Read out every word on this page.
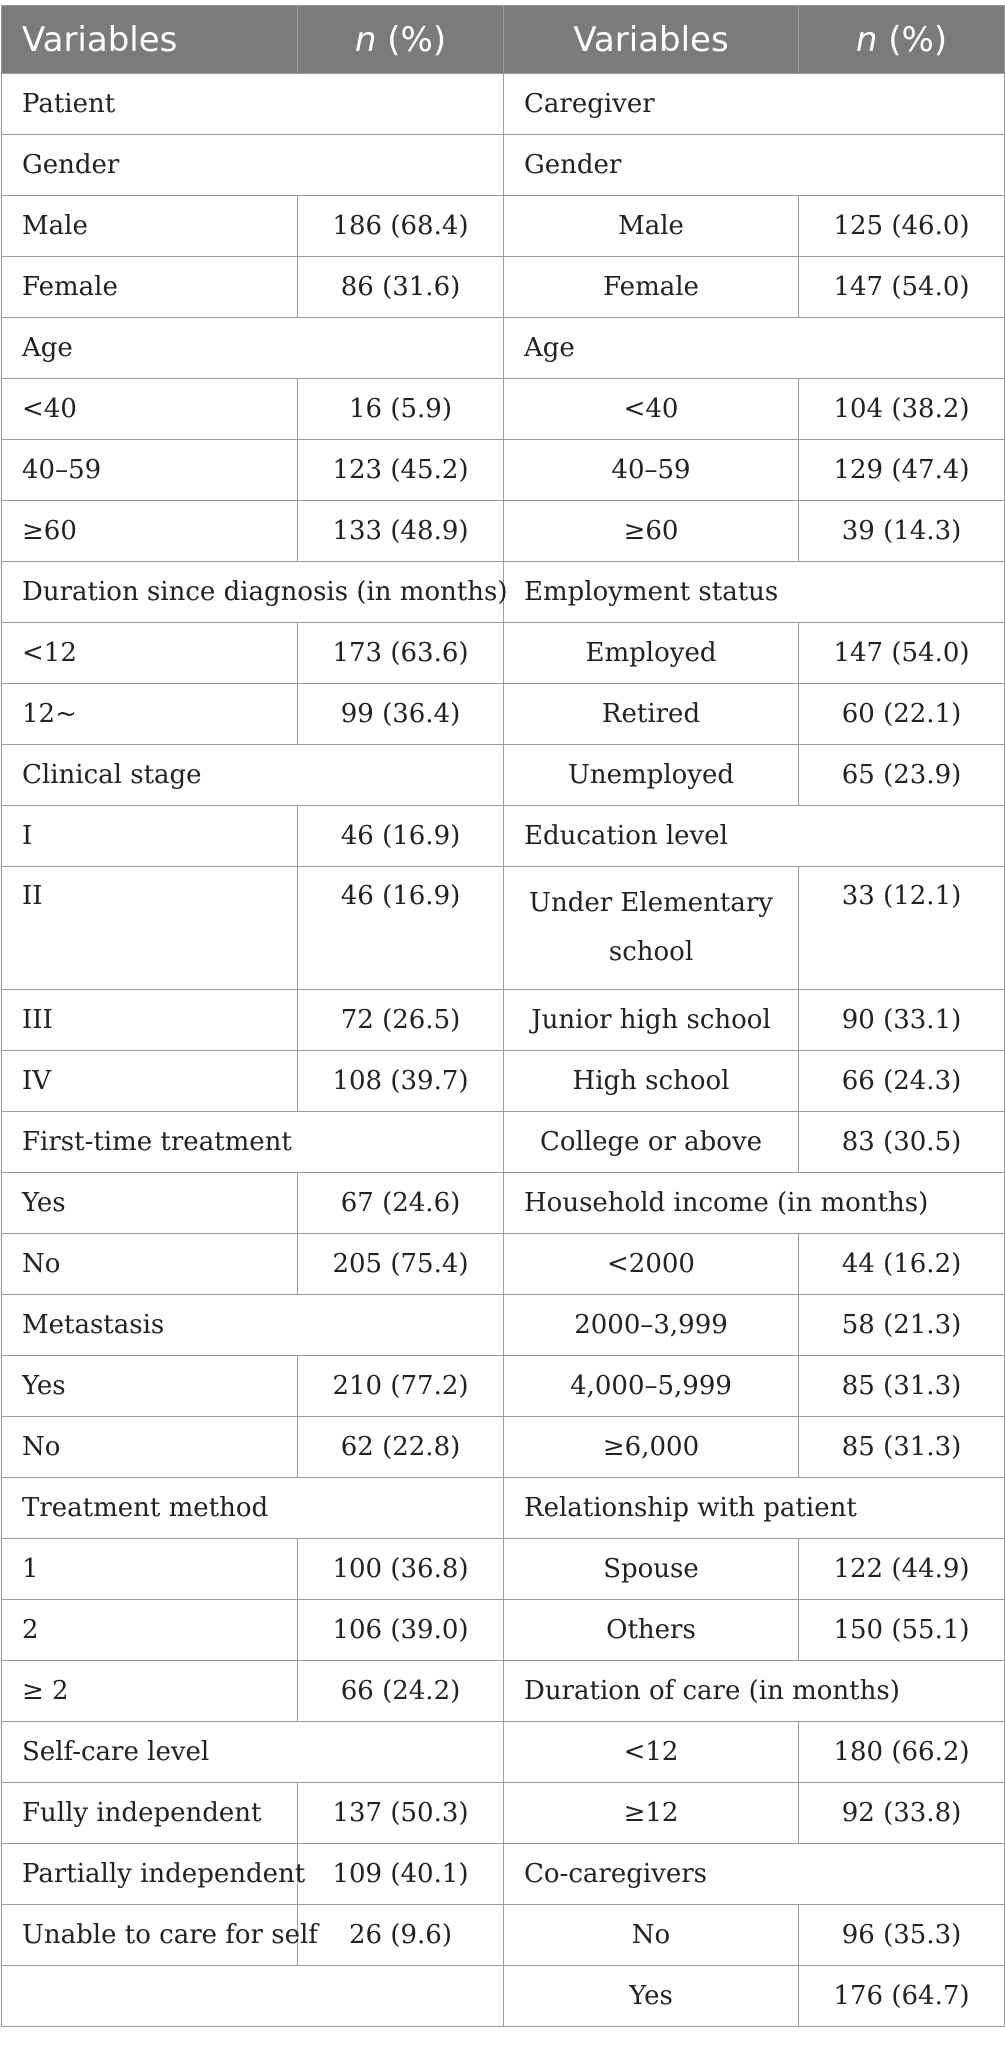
Variables	n (%)	Variables	n (%)
Patient		Caregiver	
Gender		Gender	
Male	186 (68.4)	Male	125 (46.0)
Female	86 (31.6)	Female	147 (54.0)
Age		Age	
<40	16 (5.9)	<40	104 (38.2)
40–59	123 (45.2)	40–59	129 (47.4)
≥60	133 (48.9)	≥60	39 (14.3)
Duration since diagnosis (in months)		Employment status	
<12	173 (63.6)	Employed	147 (54.0)
12~	99 (36.4)	Retired	60 (22.1)
Clinical stage		Unemployed	65 (23.9)
I	46 (16.9)	Education level	
II	46 (16.9)	Under Elementary school	33 (12.1)
III	72 (26.5)	Junior high school	90 (33.1)
IV	108 (39.7)	High school	66 (24.3)
First-time treatment		College or above	83 (30.5)
Yes	67 (24.6)	Household income (in months)	
No	205 (75.4)	<2000	44 (16.2)
Metastasis		2000–3,999	58 (21.3)
Yes	210 (77.2)	4,000–5,999	85 (31.3)
No	62 (22.8)	≥6,000	85 (31.3)
Treatment method		Relationship with patient	
1	100 (36.8)	Spouse	122 (44.9)
2	106 (39.0)	Others	150 (55.1)
≥ 2	66 (24.2)	Duration of care (in months)	
Self-care level		<12	180 (66.2)
Fully independent	137 (50.3)	≥12	92 (33.8)
Partially independent	109 (40.1)	Co-caregivers	
Unable to care for self	26 (9.6)	No	96 (35.3)
		Yes	176 (64.7)
